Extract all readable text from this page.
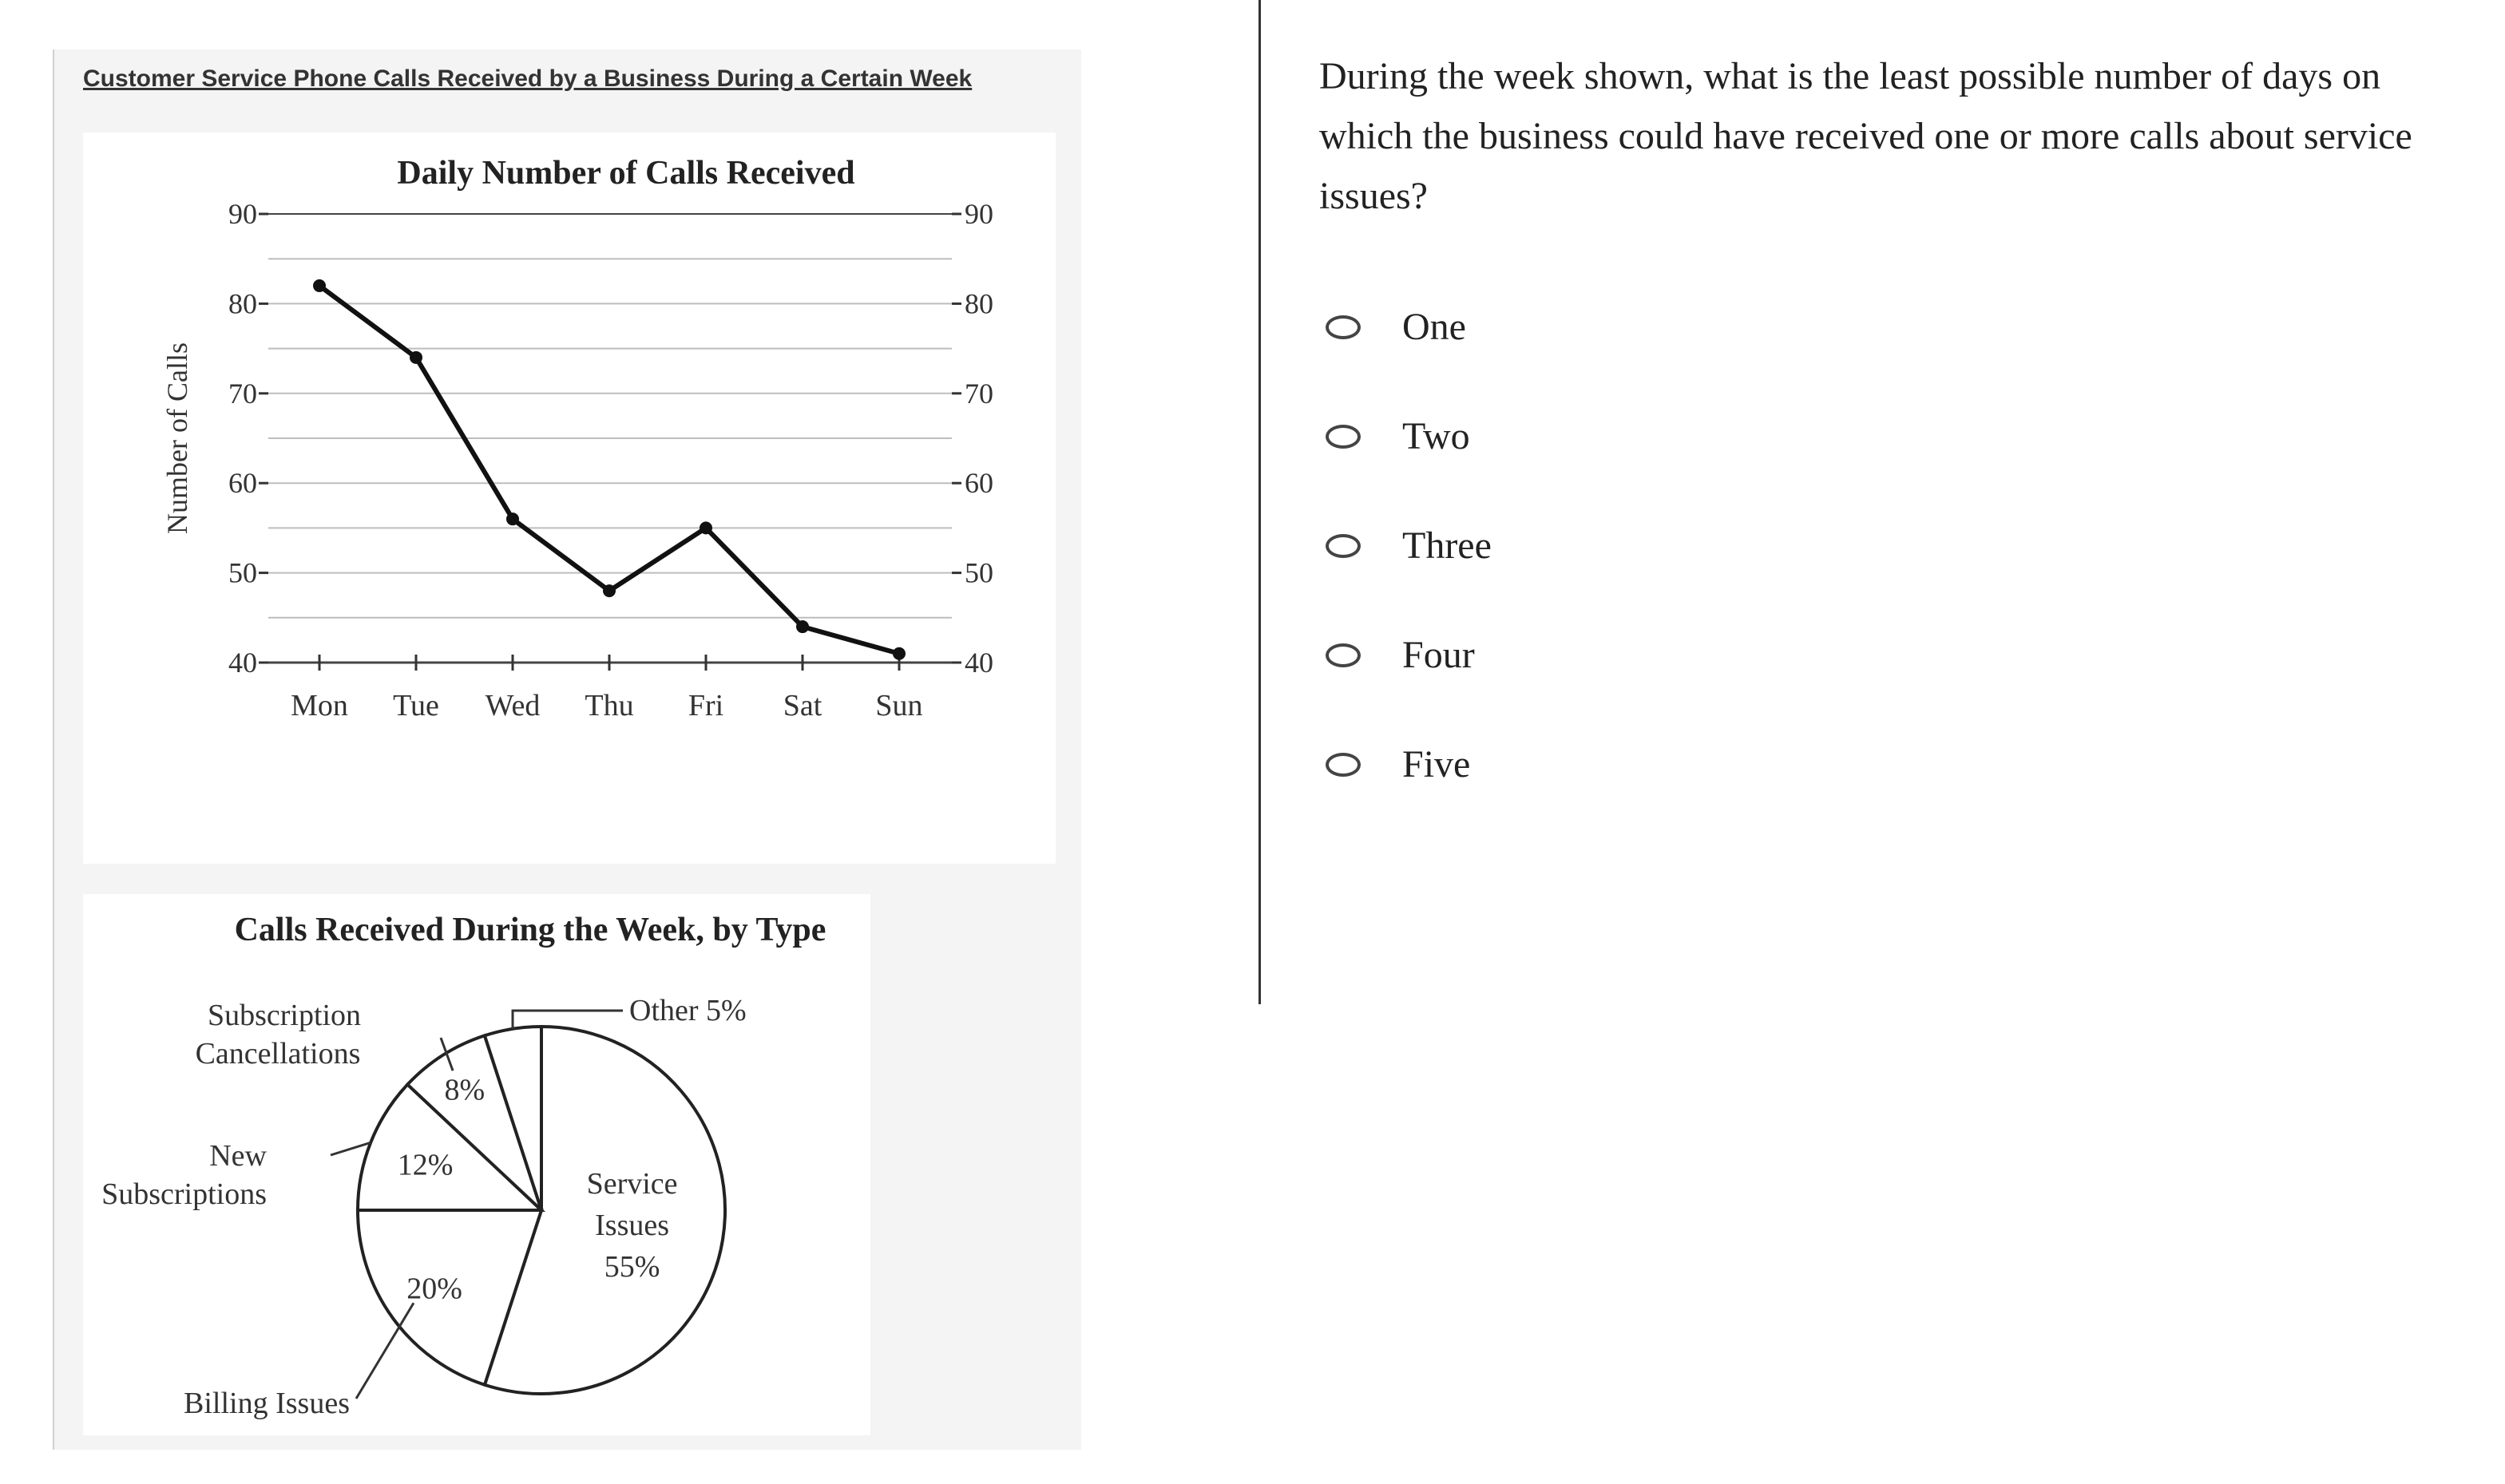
Customer Service Phone Calls Received by a Business During a Certain Week
Daily Number of Calls Received
40	40
50	50
60	60
70	70
80	80
90	90
Number of Calls
Mon Tue Wed Thu Fri Sat Sun
Calls Received During the Week, by Type
Service
Issues
55%
20%
12%
8%
Subscription
Cancellations
New
Subscriptions
Billing Issues
Other 5%

During the week shown, what is the least possible number of days on which the business could have received one or more calls about service issues?

One
Two
Three
Four
Five
